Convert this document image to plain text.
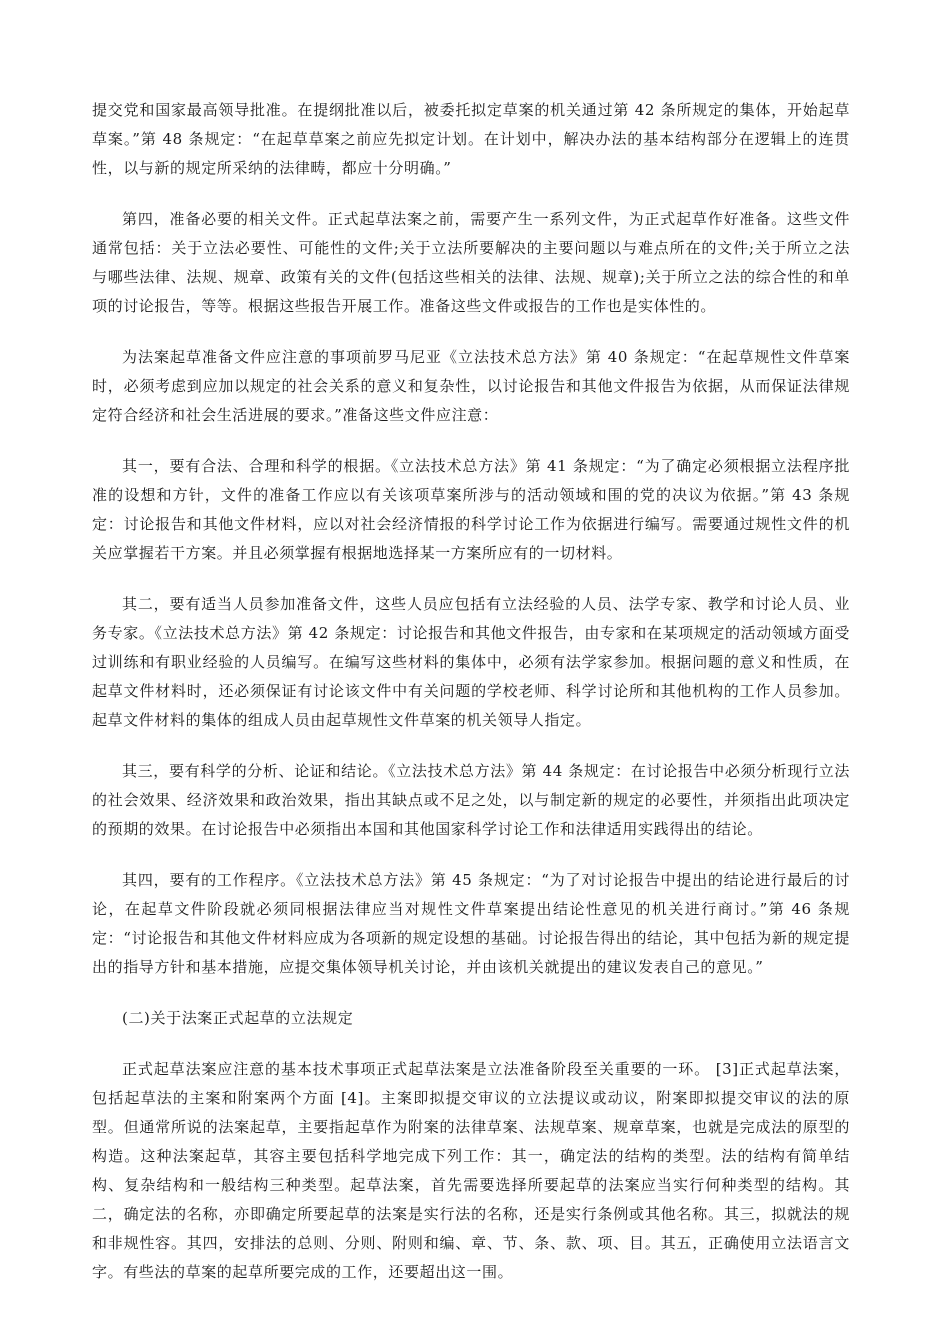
提交党和国家最高领导批准。在提纲批准以后，被委托拟定草案的机关通过第 42 条所规定的集体，开始起草草案。”第 48 条规定：“在起草草案之前应先拟定计划。在计划中，解决办法的基本结构部分在逻辑上的连贯性，以与新的规定所采纳的法律畴，都应十分明确。”

第四，准备必要的相关文件。正式起草法案之前，需要产生一系列文件，为正式起草作好准备。这些文件通常包括：关于立法必要性、可能性的文件;关于立法所要解决的主要问题以与难点所在的文件;关于所立之法与哪些法律、法规、规章、政策有关的文件(包括这些相关的法律、法规、规章);关于所立之法的综合性的和单项的讨论报告，等等。根据这些报告开展工作。准备这些文件或报告的工作也是实体性的。

为法案起草准备文件应注意的事项前罗马尼亚《立法技术总方法》第 40 条规定：“在起草规性文件草案时，必须考虑到应加以规定的社会关系的意义和复杂性，以讨论报告和其他文件报告为依据，从而保证法律规定符合经济和社会生活进展的要求。”准备这些文件应注意：

其一，要有合法、合理和科学的根据。《立法技术总方法》第 41 条规定：“为了确定必须根据立法程序批准的设想和方针，文件的准备工作应以有关该项草案所涉与的活动领域和围的党的决议为依据。”第 43 条规定：讨论报告和其他文件材料，应以对社会经济情报的科学讨论工作为依据进行编写。需要通过规性文件的机关应掌握若干方案。并且必须掌握有根据地选择某一方案所应有的一切材料。

其二，要有适当人员参加准备文件，这些人员应包括有立法经验的人员、法学专家、教学和讨论人员、业务专家。《立法技术总方法》第 42 条规定：讨论报告和其他文件报告，由专家和在某项规定的活动领域方面受过训练和有职业经验的人员编写。在编写这些材料的集体中，必须有法学家参加。根据问题的意义和性质，在起草文件材料时，还必须保证有讨论该文件中有关问题的学校老师、科学讨论所和其他机构的工作人员参加。起草文件材料的集体的组成人员由起草规性文件草案的机关领导人指定。

其三，要有科学的分析、论证和结论。《立法技术总方法》第 44 条规定：在讨论报告中必须分析现行立法的社会效果、经济效果和政治效果，指出其缺点或不足之处，以与制定新的规定的必要性，并须指出此项决定的预期的效果。在讨论报告中必须指出本国和其他国家科学讨论工作和法律适用实践得出的结论。

其四，要有的工作程序。《立法技术总方法》第 45 条规定：“为了对讨论报告中提出的结论进行最后的讨论，在起草文件阶段就必须同根据法律应当对规性文件草案提出结论性意见的机关进行商讨。”第 46 条规定：“讨论报告和其他文件材料应成为各项新的规定设想的基础。讨论报告得出的结论，其中包括为新的规定提出的指导方针和基本措施，应提交集体领导机关讨论，并由该机关就提出的建议发表自己的意见。”

(二)关于法案正式起草的立法规定

正式起草法案应注意的基本技术事项正式起草法案是立法准备阶段至关重要的一环。 [3]正式起草法案，包括起草法的主案和附案两个方面 [4]。主案即拟提交审议的立法提议或动议，附案即拟提交审议的法的原型。但通常所说的法案起草，主要指起草作为附案的法律草案、法规草案、规章草案，也就是完成法的原型的构造。这种法案起草，其容主要包括科学地完成下列工作：其一，确定法的结构的类型。法的结构有简单结构、复杂结构和一般结构三种类型。起草法案，首先需要选择所要起草的法案应当实行何种类型的结构。其二，确定法的名称，亦即确定所要起草的法案是实行法的名称，还是实行条例或其他名称。其三，拟就法的规和非规性容。其四，安排法的总则、分则、附则和编、章、节、条、款、项、目。其五，正确使用立法语言文字。有些法的草案的起草所要完成的工作，还要超出这一围。
